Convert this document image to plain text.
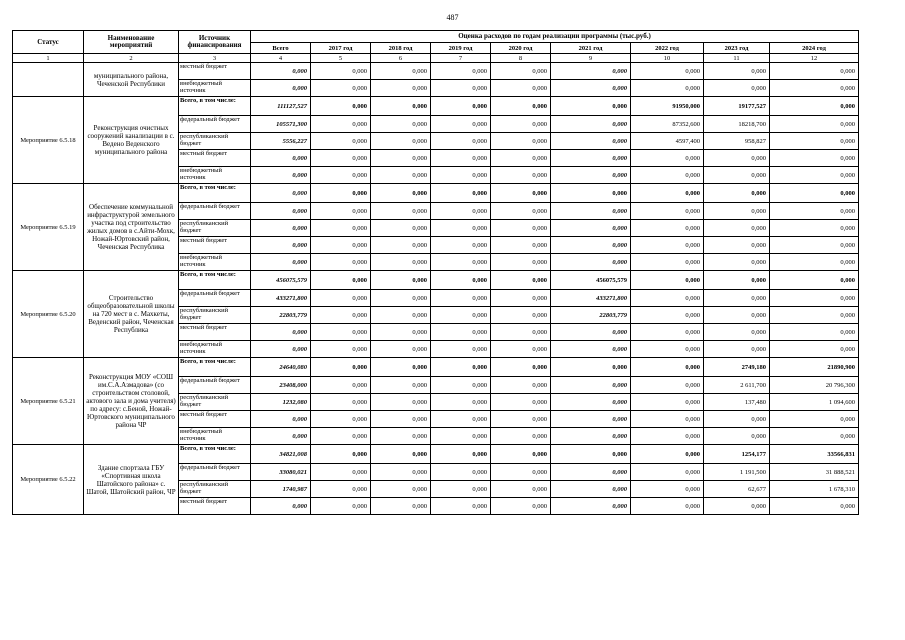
487
Статус	Наименование мероприятий	Источник финансирования	Оценка расходов по годам реализации программы (тыс.руб.)								
			Всего	2017 год	2018 год	2019 год	2020 год	2021 год	2022 год	2023 год	2024 год
1	2	3	4	5	6	7	8	9	10	11	12
	муниципального района, Чеченской Республики	местный бюджет	0,000	0,000	0,000	0,000	0,000	0,000	0,000	0,000	0,000
		внебюджетный источник	0,000	0,000	0,000	0,000	0,000	0,000	0,000	0,000	0,000
Мероприятие 6.5.18	Реконструкция очистных сооружений канализации в с. Ведено Веденского муниципального района	Всего, в том числе:	111127,527	0,000	0,000	0,000	0,000	0,000	91950,000	19177,527	0,000
		федеральный бюджет	105571,300	0,000	0,000	0,000	0,000	0,000	87352,600	18218,700	0,000
		республиканский бюджет	5556,227	0,000	0,000	0,000	0,000	0,000	4597,400	958,827	0,000
		местный бюджет	0,000	0,000	0,000	0,000	0,000	0,000	0,000	0,000	0,000
		внебюджетный источник	0,000	0,000	0,000	0,000	0,000	0,000	0,000	0,000	0,000
Мероприятие 6.5.19	Обеспечение коммунальной инфраструктурой земельного участка под строительство жилых домов в с.Айти-Мохк, Ножай-Юртовский район, Чеченская Республика	Всего, в том числе:	0,000	0,000	0,000	0,000	0,000	0,000	0,000	0,000	0,000
		федеральный бюджет	0,000	0,000	0,000	0,000	0,000	0,000	0,000	0,000	0,000
		республиканский бюджет	0,000	0,000	0,000	0,000	0,000	0,000	0,000	0,000	0,000
		местный бюджет	0,000	0,000	0,000	0,000	0,000	0,000	0,000	0,000	0,000
		внебюджетный источник	0,000	0,000	0,000	0,000	0,000	0,000	0,000	0,000	0,000
Мероприятие 6.5.20	Строительство общеобразовательной школы на 720 мест в с. Махкеты, Веденский район, Чеченская Республика	Всего, в том числе:	456075,579	0,000	0,000	0,000	0,000	456075,579	0,000	0,000	0,000
		федеральный бюджет	433271,800	0,000	0,000	0,000	0,000	433271,800	0,000	0,000	0,000
		республиканский бюджет	22803,779	0,000	0,000	0,000	0,000	22803,779	0,000	0,000	0,000
		местный бюджет	0,000	0,000	0,000	0,000	0,000	0,000	0,000	0,000	0,000
		внебюджетный источник	0,000	0,000	0,000	0,000	0,000	0,000	0,000	0,000	0,000
Мероприятие 6.5.21	Реконструкция МОУ «СОШ им.С.А.Азмадова» (со строительством столовой, актового зала и дома учителя) по адресу: с.Беной, Ножай-Юртовского муниципального района ЧР	Всего, в том числе:	24640,080	0,000	0,000	0,000	0,000	0,000	0,000	2749,180	21890,900
		федеральный бюджет	23408,000	0,000	0,000	0,000	0,000	0,000	0,000	2 611,700	20 796,300
		республиканский бюджет	1232,080	0,000	0,000	0,000	0,000	0,000	0,000	137,480	1 094,600
		местный бюджет	0,000	0,000	0,000	0,000	0,000	0,000	0,000	0,000	0,000
		внебюджетный источник	0,000	0,000	0,000	0,000	0,000	0,000	0,000	0,000	0,000
Мероприятие 6.5.22	Здание спортзала ГБУ «Спортивная школа Шатойского района» с. Шатой, Шатойский район, ЧР	Всего, в том числе:	34821,008	0,000	0,000	0,000	0,000	0,000	0,000	1254,177	33566,831
		федеральный бюджет	33080,021	0,000	0,000	0,000	0,000	0,000	0,000	1 191,500	31 888,521
		республиканский бюджет	1740,987	0,000	0,000	0,000	0,000	0,000	0,000	62,677	1 678,310
		местный бюджет	0,000	0,000	0,000	0,000	0,000	0,000	0,000	0,000	0,000
